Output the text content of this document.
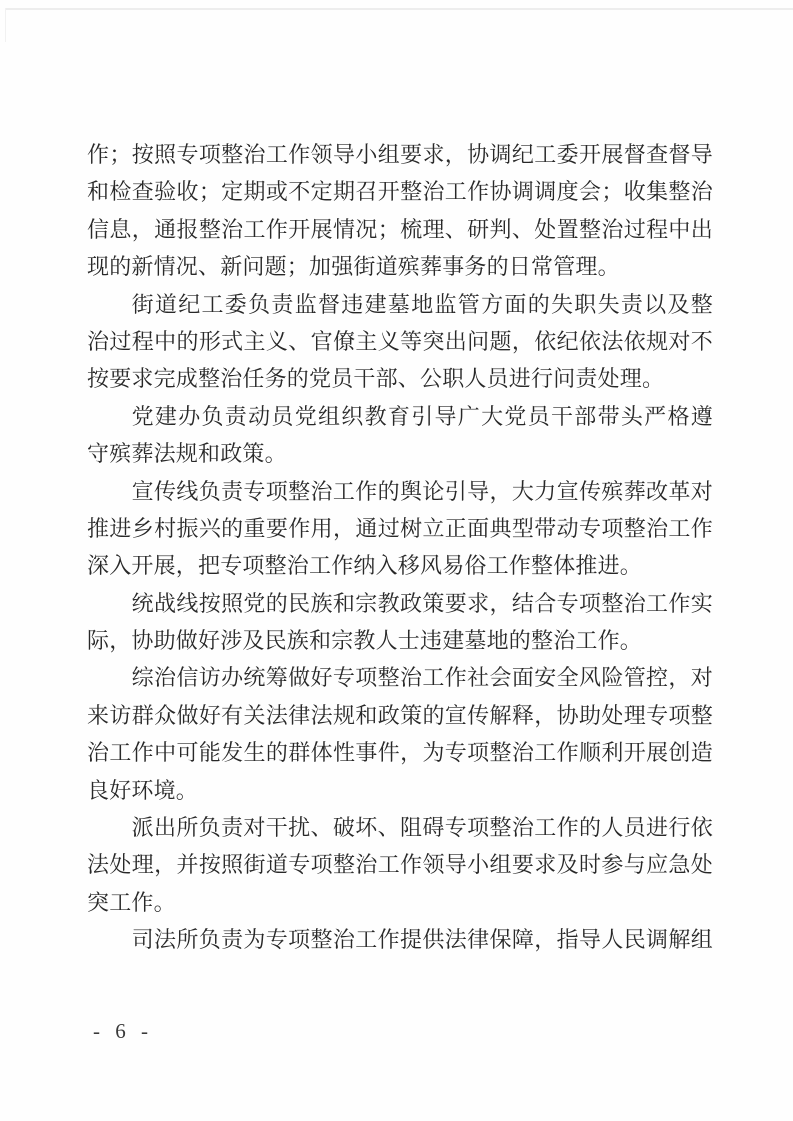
作；按照专项整治工作领导小组要求，协调纪工委开展督查督导
和检查验收；定期或不定期召开整治工作协调调度会；收集整治
信息，通报整治工作开展情况；梳理、研判、处置整治过程中出
现的新情况、新问题；加强街道殡葬事务的日常管理。
街道纪工委负责监督违建墓地监管方面的失职失责以及整
治过程中的形式主义、官僚主义等突出问题，依纪依法依规对不
按要求完成整治任务的党员干部、公职人员进行问责处理。
党建办负责动员党组织教育引导广大党员干部带头严格遵
守殡葬法规和政策。
宣传线负责专项整治工作的舆论引导，大力宣传殡葬改革对
推进乡村振兴的重要作用，通过树立正面典型带动专项整治工作
深入开展，把专项整治工作纳入移风易俗工作整体推进。
统战线按照党的民族和宗教政策要求，结合专项整治工作实
际，协助做好涉及民族和宗教人士违建墓地的整治工作。
综治信访办统筹做好专项整治工作社会面安全风险管控，对
来访群众做好有关法律法规和政策的宣传解释，协助处理专项整
治工作中可能发生的群体性事件，为专项整治工作顺利开展创造
良好环境。
派出所负责对干扰、破坏、阻碍专项整治工作的人员进行依
法处理，并按照街道专项整治工作领导小组要求及时参与应急处
突工作。
司法所负责为专项整治工作提供法律保障，指导人民调解组
- 6 -
